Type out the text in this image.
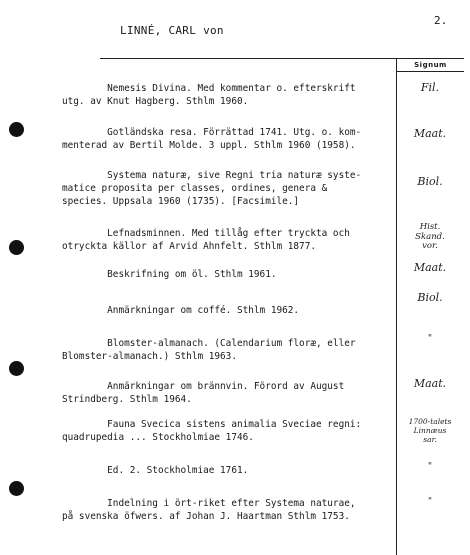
LINNÉ, CARL von
2.
Signum
Nemesis Divina. Med kommentar o. efterskrift
utg. av Knut Hagberg. Sthlm 1960.
Fil.
Gotländska resa. Förrättad 1741. Utg. o. kom-
menterad av Bertil Molde. 3 uppl. Sthlm 1960 (1958).
Maat.
Systema naturæ, sive Regni tria naturæ syste-
matice proposita per classes, ordines, genera &
species. Uppsala 1960 (1735). [Facsimile.]
Biol.
Lefnadsminnen. Med tillåg efter tryckta och
otryckta källor af Arvid Ahnfelt. Sthlm 1877.
Hist.
Skand.
vor.
Beskrifning om öl. Sthlm 1961.
Maat.
Anmärkningar om coffé. Sthlm 1962.
Biol.
Blomster-almanach. (Calendarium floræ, eller
Blomster-almanach.) Sthlm 1963.
"
Anmärkningar om brännvin. Förord av August
Strindberg. Sthlm 1964.
Maat.
Fauna Svecica sistens animalia Sveciae regni:
quadrupedia ... Stockholmiae 1746.
1700-talets
Linnæus
sar.
Ed. 2. Stockholmiae 1761.	"
Indelning i ört-riket efter Systema naturae,
på svenska öfwers. af Johan J. Haartman Sthlm 1753.
"
